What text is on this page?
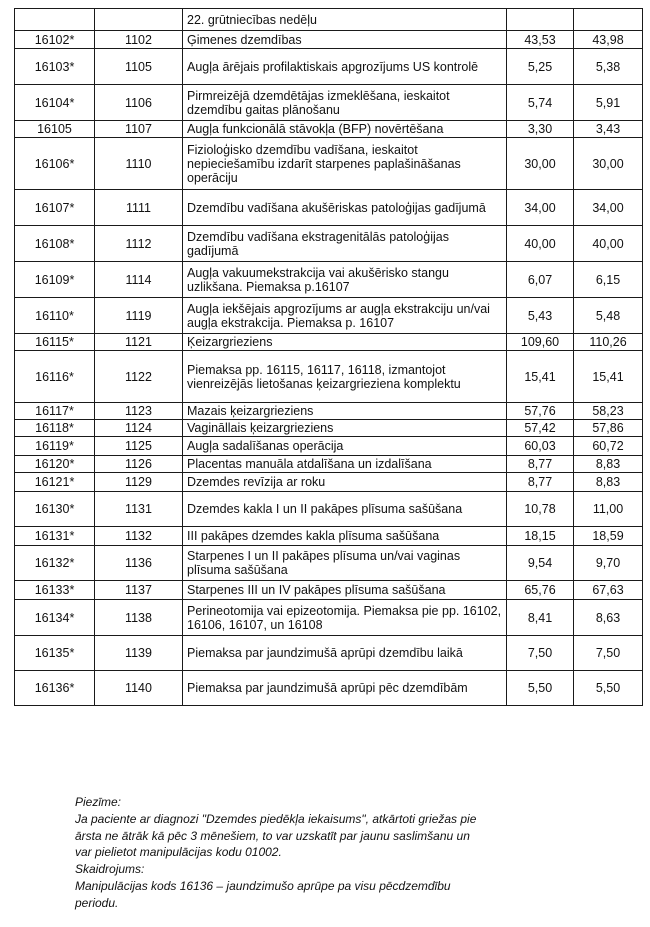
		22. grūtniecības nedēļu		
16102*	1102	Ģimenes dzemdības	43,53	43,98
16103*	1105	Augļa ārējais profilaktiskais apgrozījums US kontrolē	5,25	5,38
16104*	1106	Pirmreizējā dzemdētājas izmeklēšana, ieskaitot dzemdību gaitas plānošanu	5,74	5,91
16105	1107	Augļa funkcionālā stāvokļa (BFP) novērtēšana	3,30	3,43
16106*	1110	Fizioloģisko dzemdību vadīšana, ieskaitot nepieciešamību izdarīt starpenes paplašināšanas operāciju	30,00	30,00
16107*	1111	Dzemdību vadīšana akušēriskas patoloģijas gadījumā	34,00	34,00
16108*	1112	Dzemdību vadīšana ekstragenitālās patoloģijas gadījumā	40,00	40,00
16109*	1114	Augļa vakuumekstrakcija vai akušērisko stangu uzlikšana. Piemaksa p.16107	6,07	6,15
16110*	1119	Augļa iekšējais apgrozījums ar augļa ekstrakciju un/vai augļa ekstrakcija. Piemaksa p. 16107	5,43	5,48
16115*	1121	Ķeizargrieziens	109,60	110,26
16116*	1122	Piemaksa pp. 16115, 16117, 16118, izmantojot vienreizējās lietošanas ķeizargrieziena komplektu	15,41	15,41
16117*	1123	Mazais ķeizargrieziens	57,76	58,23
16118*	1124	Vagināllais ķeizargrieziens	57,42	57,86
16119*	1125	Augļa sadalīšanas operācija	60,03	60,72
16120*	1126	Placentas manuāla atdalīšana un izdalīšana	8,77	8,83
16121*	1129	Dzemdes revīzija ar roku	8,77	8,83
16130*	1131	Dzemdes kakla I un II pakāpes plīsuma sašūšana	10,78	11,00
16131*	1132	III pakāpes dzemdes kakla plīsuma sašūšana	18,15	18,59
16132*	1136	Starpenes I un II pakāpes plīsuma un/vai vaginas plīsuma sašūšana	9,54	9,70
16133*	1137	Starpenes III un IV pakāpes plīsuma sašūšana	65,76	67,63
16134*	1138	Perineotomija vai epizeotomija. Piemaksa pie pp. 16102, 16106, 16107, un 16108	8,41	8,63
16135*	1139	Piemaksa par jaundzimušā aprūpi dzemdību laikā	7,50	7,50
16136*	1140	Piemaksa par jaundzimušā aprūpi pēc dzemdībām	5,50	5,50

Piezīme:

Ja paciente ar diagnozi "Dzemdes piedēkļa iekaisums", atkārtoti griežas pie

ārsta ne ātrāk kā pēc 3 mēnešiem, to var uzskatīt par jaunu saslimšanu un

var pielietot manipulācijas kodu 01002.

Skaidrojums:

Manipulācijas kods 16136 – jaundzimušo aprūpe pa visu pēcdzemdību

periodu.
